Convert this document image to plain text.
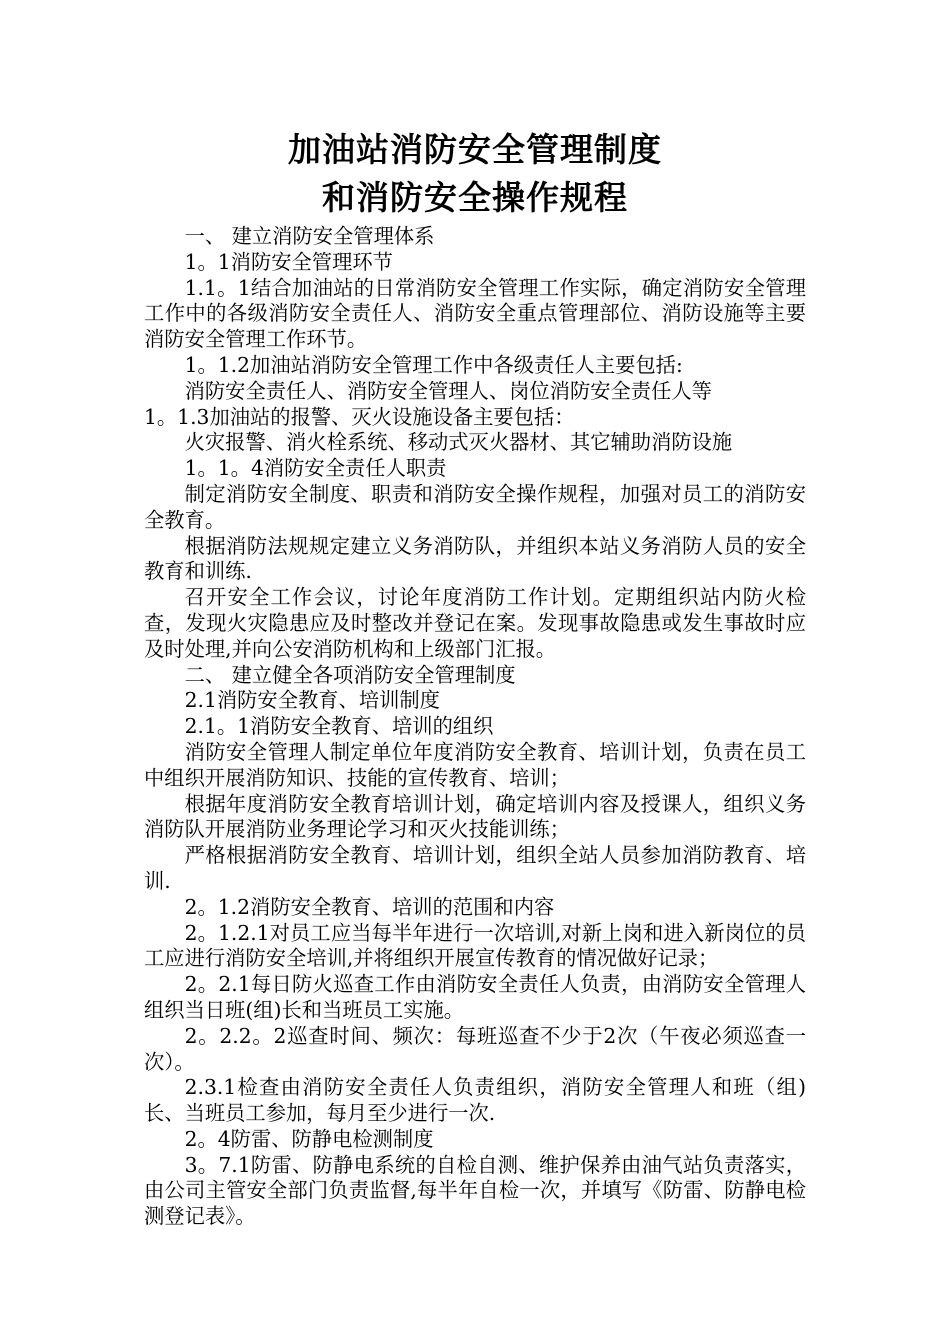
加油站消防安全管理制度
和消防安全操作规程

一、 建立消防安全管理体系

1。1消防安全管理环节

1.1。1结合加油站的日常消防安全管理工作实际，确定消防安全管理工作中的各级消防安全责任人、消防安全重点管理部位、消防设施等主要消防安全管理工作环节。

1。1.2加油站消防安全管理工作中各级责任人主要包括:

消防安全责任人、消防安全管理人、岗位消防安全责任人等

1。1.3加油站的报警、灭火设施设备主要包括：

火灾报警、消火栓系统、移动式灭火器材、其它辅助消防设施

1。1。4消防安全责任人职责

制定消防安全制度、职责和消防安全操作规程，加强对员工的消防安全教育。

根据消防法规规定建立义务消防队，并组织本站义务消防人员的安全教育和训练.

召开安全工作会议，讨论年度消防工作计划。定期组织站内防火检查，发现火灾隐患应及时整改并登记在案。发现事故隐患或发生事故时应及时处理,并向公安消防机构和上级部门汇报。

二、 建立健全各项消防安全管理制度

2.1消防安全教育、培训制度

2.1。1消防安全教育、培训的组织

消防安全管理人制定单位年度消防安全教育、培训计划，负责在员工中组织开展消防知识、技能的宣传教育、培训；

根据年度消防安全教育培训计划，确定培训内容及授课人，组织义务消防队开展消防业务理论学习和灭火技能训练；

严格根据消防安全教育、培训计划，组织全站人员参加消防教育、培训.

2。1.2消防安全教育、培训的范围和内容

2。1.2.1对员工应当每半年进行一次培训,对新上岗和进入新岗位的员工应进行消防安全培训,并将组织开展宣传教育的情况做好记录；

2。2.1每日防火巡查工作由消防安全责任人负责，由消防安全管理人组织当日班(组)长和当班员工实施。

2。2.2。2巡查时间、频次：每班巡查不少于2次（午夜必须巡查一次）。

2.3.1检查由消防安全责任人负责组织，消防安全管理人和班（组)长、当班员工参加，每月至少进行一次.

2。4防雷、防静电检测制度

3。7.1防雷、防静电系统的自检自测、维护保养由油气站负责落实，由公司主管安全部门负责监督,每半年自检一次，并填写《防雷、防静电检测登记表》。
